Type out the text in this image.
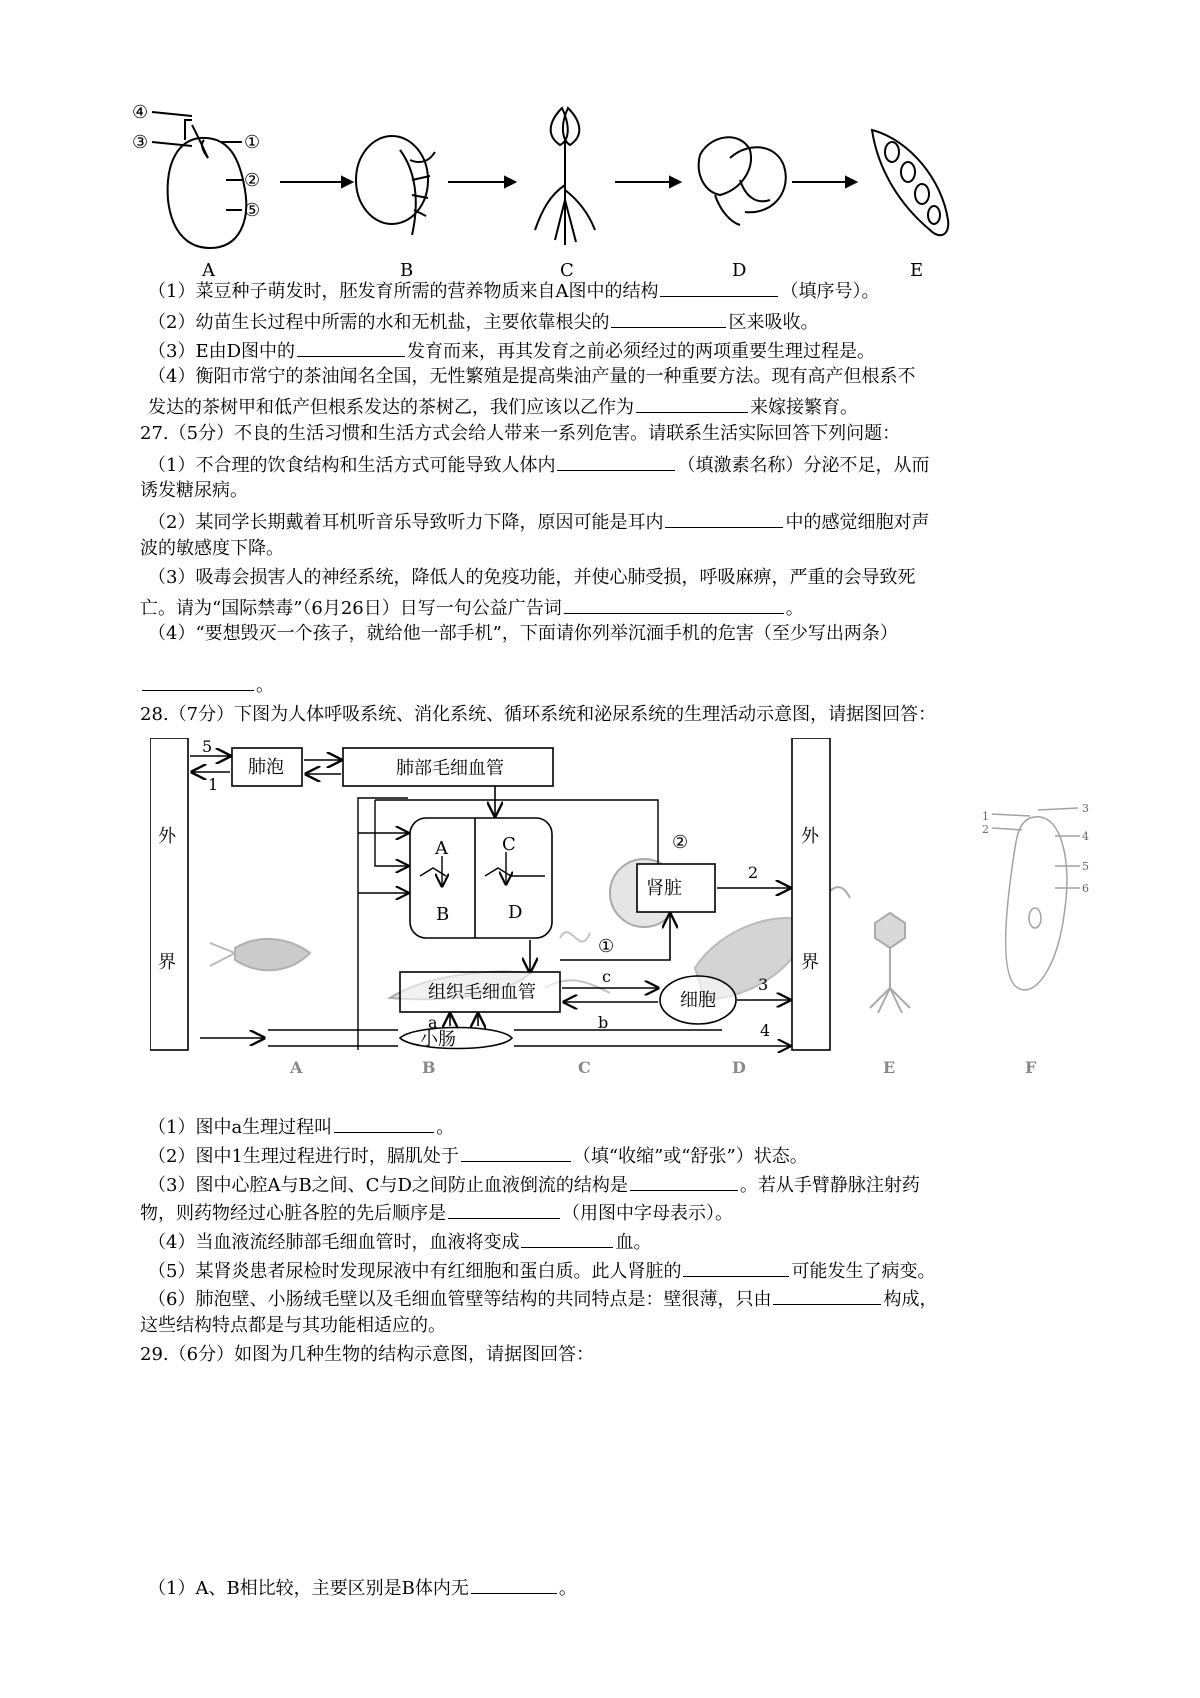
④
③	①
②
⑤
A	B	C	D	E
（1）菜豆种子萌发时，胚发育所需的营养物质来自A图中的结构	（填序号）。
（2）幼苗生长过程中所需的水和无机盐，主要依靠根尖的	区来吸收。
（3）E由D图中的	发育而来，再其发育之前必须经过的两项重要生理过程是。
（4）衡阳市常宁的茶油闻名全国，无性繁殖是提高柴油产量的一种重要方法。现有高产但根系不
发达的茶树甲和低产但根系发达的茶树乙，我们应该以乙作为	来嫁接繁育。
27.（5分）不良的生活习惯和生活方式会给人带来一系列危害。请联系生活实际回答下列问题：
（1）不合理的饮食结构和生活方式可能导致人体内	（填激素名称）分泌不足，从而
诱发糖尿病。
（2）某同学长期戴着耳机听音乐导致听力下降，原因可能是耳内	中的感觉细胞对声
波的敏感度下降。
（3）吸毒会损害人的神经系统，降低人的免疫功能，并使心肺受损，呼吸麻痹，严重的会导致死
亡。请为“国际禁毒”（6月26日）日写一句公益广告词	。
（4）“要想毁灭一个孩子，就给他一部手机”，下面请你列举沉湎手机的危害（至少写出两条）
。
28.（7分）下图为人体呼吸系统、消化系统、循环系统和泌尿系统的生理活动示意图，请据图回答：
1
2
3
4
5
6
A	B	C	D	E	F
外
界
外
界
肺泡	肺部毛细血管
5
1
A
B
C
D
肾脏
②
2
①
组织毛细血管	细胞
c
b
3
小肠	4
a
（1）图中a生理过程叫	。
（2）图中1生理过程进行时，膈肌处于	（填“收缩”或“舒张”）状态。
（3）图中心腔A与B之间、C与D之间防止血液倒流的结构是	。若从手臂静脉注射药
物，则药物经过心脏各腔的先后顺序是	（用图中字母表示）。
（4）当血液流经肺部毛细血管时，血液将变成	血。
（5）某肾炎患者尿检时发现尿液中有红细胞和蛋白质。此人肾脏的	可能发生了病变。
（6）肺泡壁、小肠绒毛壁以及毛细血管壁等结构的共同特点是：壁很薄，只由	构成，
这些结构特点都是与其功能相适应的。
29.（6分）如图为几种生物的结构示意图，请据图回答：
（1）A、B相比较，主要区别是B体内无	。
